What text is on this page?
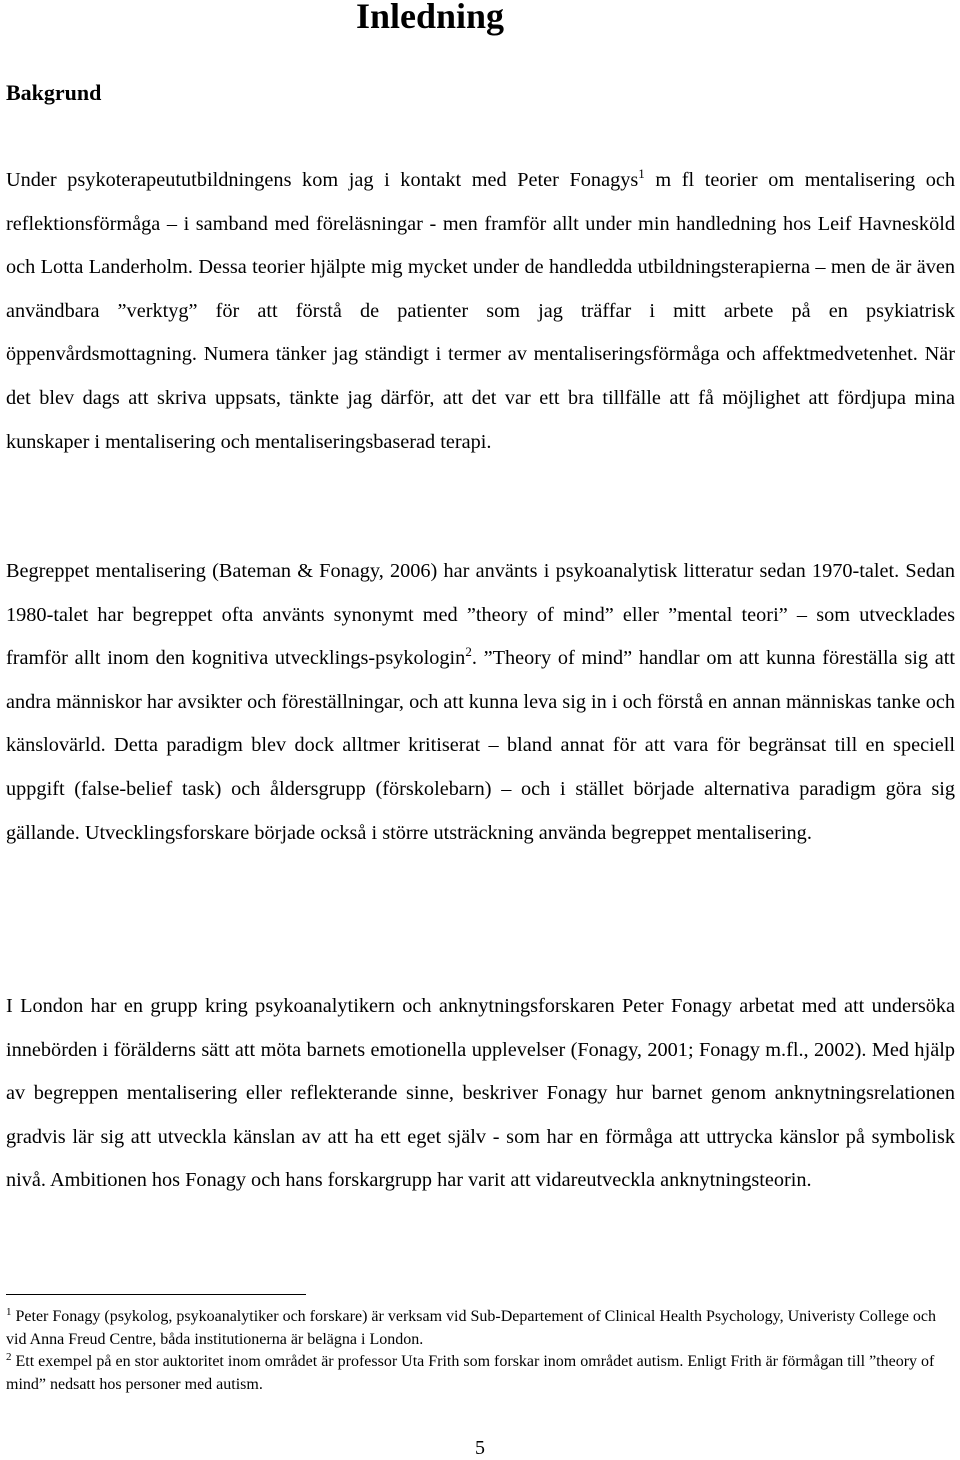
Inledning
Bakgrund

Under psykoterapeututbildningens kom jag i kontakt med Peter Fonagys$^1$ m fl teorier om mentalisering och reflektionsförmåga – i samband med föreläsningar - men framför allt under min handledning hos Leif Havnesköld och Lotta Landerholm. Dessa teorier hjälpte mig mycket under de handledda utbildningsterapierna – men de är även användbara ”verktyg” för att förstå de patienter som jag träffar i mitt arbete på en psykiatrisk öppenvårdsmottagning. Numera tänker jag ständigt i termer av mentaliseringsförmåga och affektmedvetenhet. När det blev dags att skriva uppsats, tänkte jag därför, att det var ett bra tillfälle att få möjlighet att fördjupa mina kunskaper i mentalisering och mentaliseringsbaserad terapi.

Begreppet mentalisering (Bateman & Fonagy, 2006) har använts i psykoanalytisk litteratur sedan 1970-talet. Sedan 1980-talet har begreppet ofta använts synonymt med ”theory of mind” eller ”mental teori” – som utvecklades framför allt inom den kognitiva utvecklings-psykologin$^2$. ”Theory of mind” handlar om att kunna föreställa sig att andra människor har avsikter och föreställningar, och att kunna leva sig in i och förstå en annan människas tanke och känslovärld. Detta paradigm blev dock alltmer kritiserat – bland annat för att vara för begränsat till en speciell uppgift (false-belief task) och åldersgrupp (förskolebarn) – och i stället började alternativa paradigm göra sig gällande. Utvecklingsforskare började också i större utsträckning använda begreppet mentalisering.

I London har en grupp kring psykoanalytikern och anknytningsforskaren Peter Fonagy arbetat med att undersöka innebörden i förälderns sätt att möta barnets emotionella upplevelser (Fonagy, 2001; Fonagy m.fl., 2002). Med hjälp av begreppen mentalisering eller reflekterande sinne, beskriver Fonagy hur barnet genom anknytningsrelationen gradvis lär sig att utveckla känslan av att ha ett eget själv - som har en förmåga att uttrycka känslor på symbolisk nivå. Ambitionen hos Fonagy och hans forskargrupp har varit att vidareutveckla anknytningsteorin.

$^1$ Peter Fonagy (psykolog, psykoanalytiker och forskare) är verksam vid Sub-Departement of Clinical Health Psychology, Univeristy College och vid Anna Freud Centre, båda institutionerna är belägna i London.

$^2$ Ett exempel på en stor auktoritet inom området är professor Uta Frith som forskar inom området autism. Enligt Frith är förmågan till ”theory of mind” nedsatt hos personer med autism.

5
